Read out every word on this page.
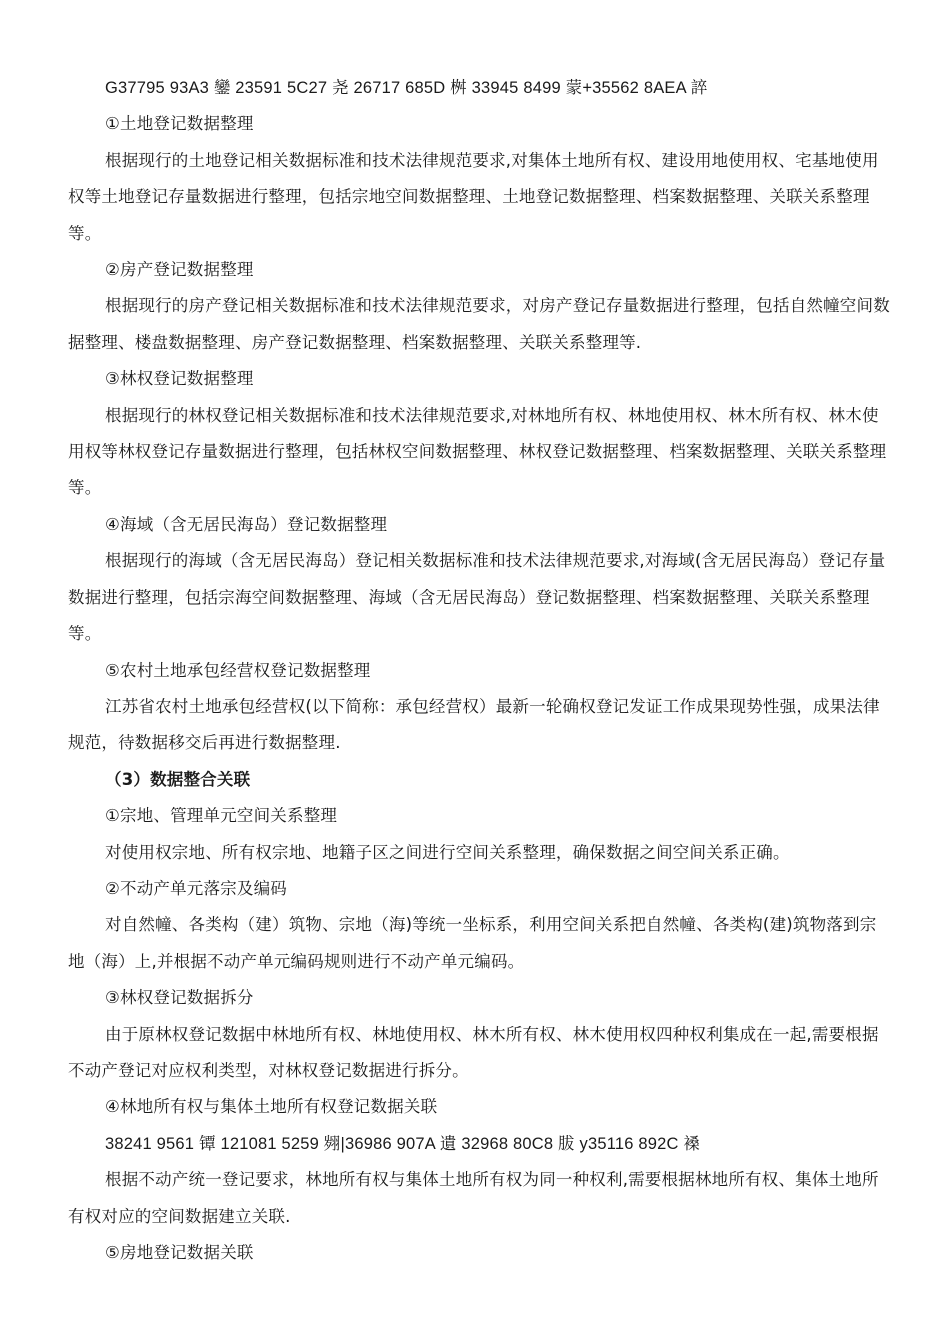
G37795 93A3 鑾 23591 5C27 尧 26717 685D 桝 33945 8499 蒙+35562 8AEA 誶
①土地登记数据整理
根据现行的土地登记相关数据标准和技术法律规范要求,对集体土地所有权、建设用地使用权、宅基地使用权等土地登记存量数据进行整理，包括宗地空间数据整理、土地登记数据整理、档案数据整理、关联关系整理等。
②房产登记数据整理
根据现行的房产登记相关数据标准和技术法律规范要求，对房产登记存量数据进行整理，包括自然幢空间数据整理、楼盘数据整理、房产登记数据整理、档案数据整理、关联关系整理等.
③林权登记数据整理
根据现行的林权登记相关数据标准和技术法律规范要求,对林地所有权、林地使用权、林木所有权、林木使用权等林权登记存量数据进行整理，包括林权空间数据整理、林权登记数据整理、档案数据整理、关联关系整理等。
④海域（含无居民海岛）登记数据整理
根据现行的海域（含无居民海岛）登记相关数据标准和技术法律规范要求,对海域(含无居民海岛）登记存量数据进行整理，包括宗海空间数据整理、海域（含无居民海岛）登记数据整理、档案数据整理、关联关系整理等。
⑤农村土地承包经营权登记数据整理
江苏省农村土地承包经营权(以下简称：承包经营权）最新一轮确权登记发证工作成果现势性强，成果法律规范，待数据移交后再进行数据整理.
（3）数据整合关联
①宗地、管理单元空间关系整理
对使用权宗地、所有权宗地、地籍子区之间进行空间关系整理，确保数据之间空间关系正确。
②不动产单元落宗及编码
对自然幢、各类构（建）筑物、宗地（海)等统一坐标系，利用空间关系把自然幢、各类构(建)筑物落到宗地（海）上,并根据不动产单元编码规则进行不动产单元编码。
③林权登记数据拆分
由于原林权登记数据中林地所有权、林地使用权、林木所有权、林木使用权四种权利集成在一起,需要根据不动产登记对应权利类型，对林权登记数据进行拆分。
④林地所有权与集体土地所有权登记数据关联
38241 9561 镡 121081 5259 翙|36986 907A 遺 32968 80C8 胈 y35116 892C 褬
根据不动产统一登记要求，林地所有权与集体土地所有权为同一种权利,需要根据林地所有权、集体土地所有权对应的空间数据建立关联.
⑤房地登记数据关联
